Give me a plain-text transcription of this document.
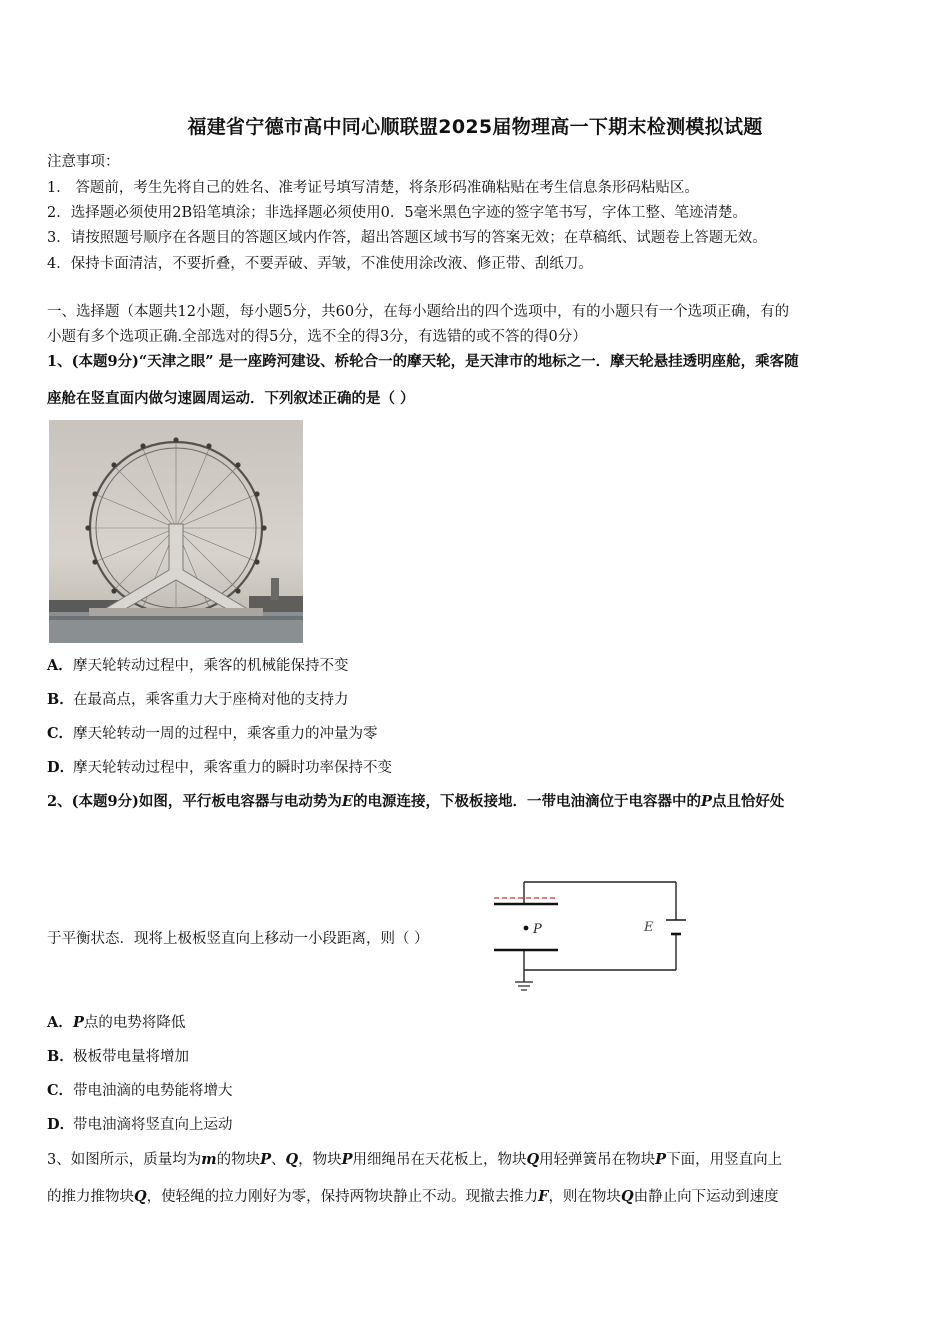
福建省宁德市高中同心顺联盟2025届物理高一下期末检测模拟试题
注意事项：
1． 答题前，考生先将自己的姓名、准考证号填写清楚，将条形码准确粘贴在考生信息条形码粘贴区。
2．选择题必须使用2B铅笔填涂；非选择题必须使用0．5毫米黑色字迹的签字笔书写，字体工整、笔迹清楚。
3．请按照题号顺序在各题目的答题区域内作答，超出答题区域书写的答案无效；在草稿纸、试题卷上答题无效。
4．保持卡面清洁，不要折叠，不要弄破、弄皱，不准使用涂改液、修正带、刮纸刀。
一、选择题（本题共12小题，每小题5分，共60分，在每小题给出的四个选项中，有的小题只有一个选项正确，有的
小题有多个选项正确.全部选对的得5分，选不全的得3分，有选错的或不答的得0分）
1、(本题9分)“天津之眼” 是一座跨河建设、桥轮合一的摩天轮，是天津市的地标之一．摩天轮悬挂透明座舱，乘客随
座舱在竖直面内做匀速圆周运动．下列叙述正确的是（ ）
A．摩天轮转动过程中，乘客的机械能保持不变
B．在最高点，乘客重力大于座椅对他的支持力
C．摩天轮转动一周的过程中，乘客重力的冲量为零
D．摩天轮转动过程中，乘客重力的瞬时功率保持不变
2、(本题9分)如图，平行板电容器与电动势为E的电源连接，下极板接地．一带电油滴位于电容器中的P点且恰好处
于平衡状态．现将上极板竖直向上移动一小段距离，则（ ）
P	E
A．P点的电势将降低
B．极板带电量将增加
C．带电油滴的电势能将增大
D．带电油滴将竖直向上运动
3、如图所示，质量均为m的物块P、Q，物块P用细绳吊在天花板上，物块Q用轻弹簧吊在物块P下面，用竖直向上
的推力推物块Q，使轻绳的拉力刚好为零，保持两物块静止不动。现撤去推力F，则在物块Q由静止向下运动到速度
